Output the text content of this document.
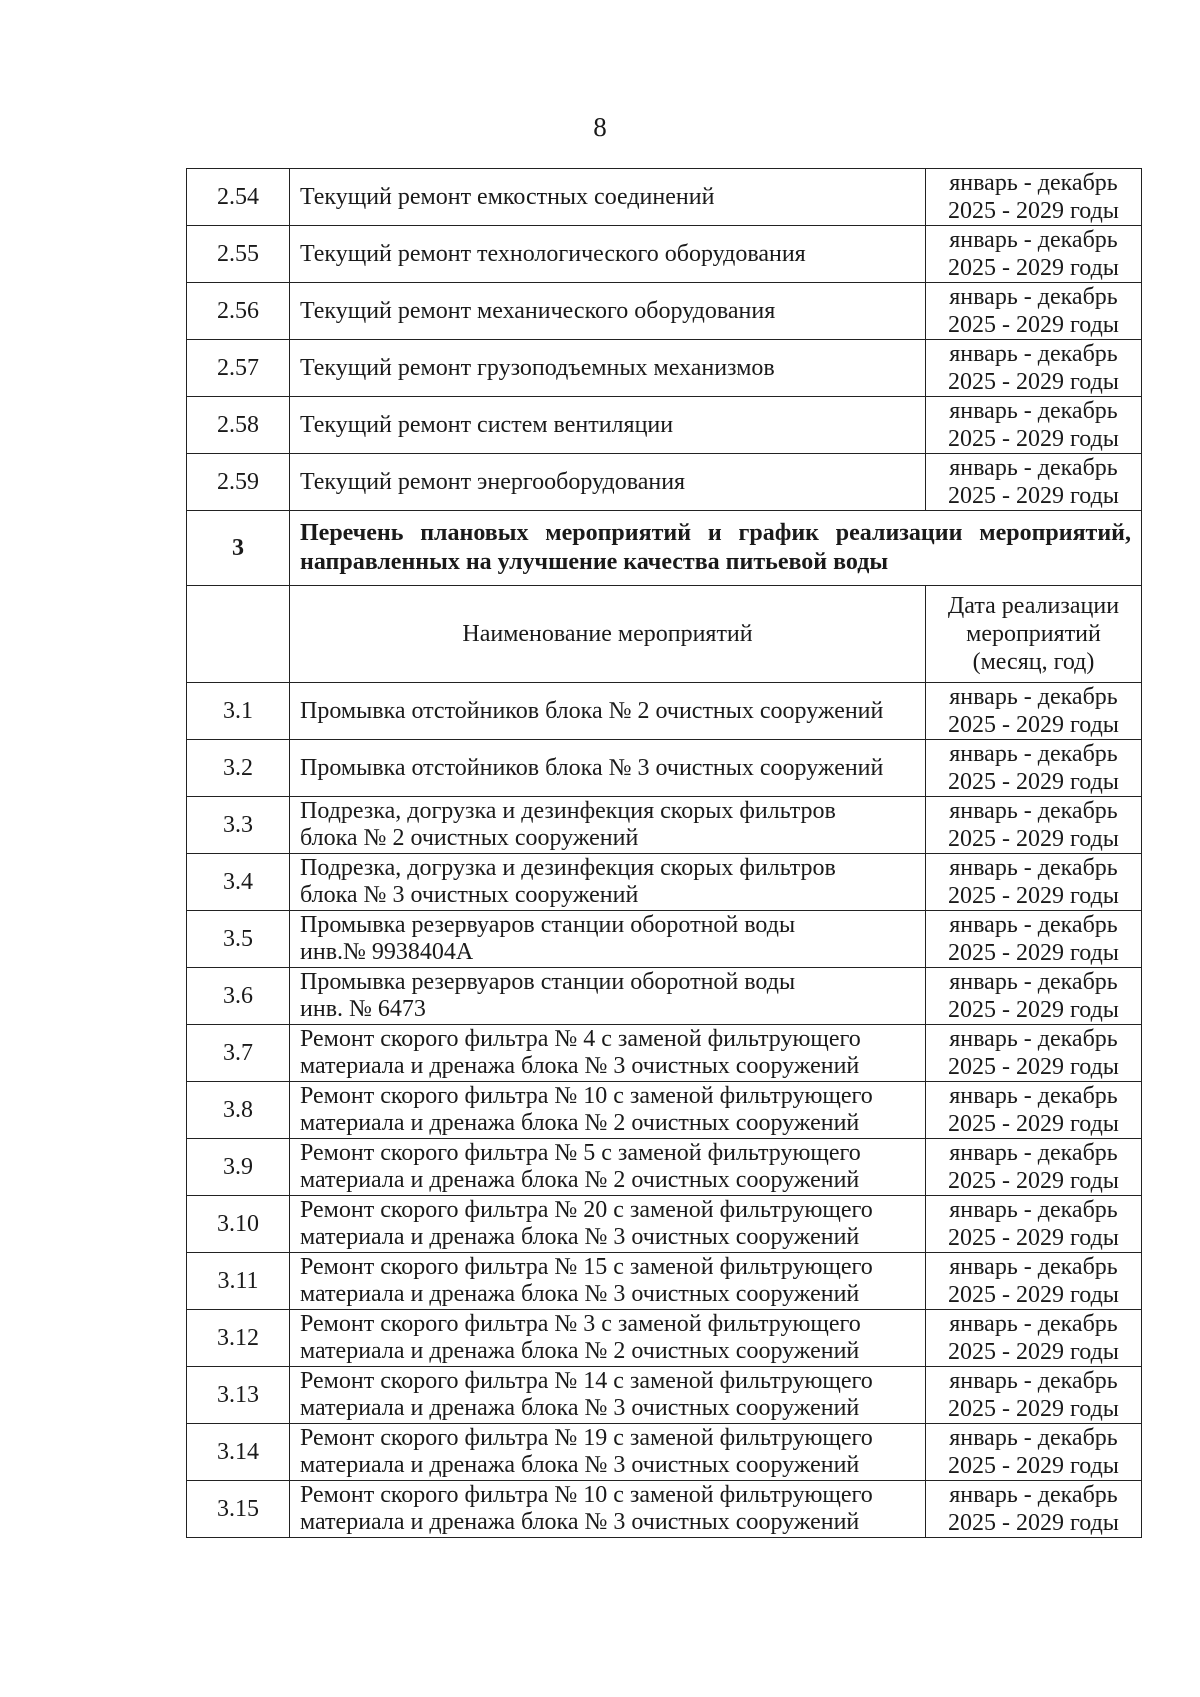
8
2.54	Текущий ремонт емкостных соединений	январь - декабрь
2025 - 2029 годы

2.55	Текущий ремонт технологического оборудования	январь - декабрь
2025 - 2029 годы

2.56	Текущий ремонт механического оборудования	январь - декабрь
2025 - 2029 годы

2.57	Текущий ремонт грузоподъемных механизмов	январь - декабрь
2025 - 2029 годы

2.58	Текущий ремонт систем вентиляции	январь - декабрь
2025 - 2029 годы

2.59	Текущий ремонт энергооборудования	январь - декабрь
2025 - 2029 годы

3	Перечень плановых мероприятий и график реализации мероприятий, направленных на улучшение качества питьевой воды	
	Наименование мероприятий	Дата реализации
мероприятий
(месяц, год)

3.1	Промывка отстойников блока № 2 очистных сооружений	январь - декабрь
2025 - 2029 годы

3.2	Промывка отстойников блока № 3 очистных сооружений	январь - декабрь
2025 - 2029 годы

3.3	Подрезка, догрузка и дезинфекция скорых фильтров
блока № 2 очистных сооружений	январь - декабрь
2025 - 2029 годы

3.4	Подрезка, догрузка и дезинфекция скорых фильтров
блока № 3 очистных сооружений	январь - декабрь
2025 - 2029 годы

3.5	Промывка резервуаров станции оборотной воды
инв.№ 9938404А	январь - декабрь
2025 - 2029 годы

3.6	Промывка резервуаров станции оборотной воды
инв. № 6473	январь - декабрь
2025 - 2029 годы

3.7	Ремонт скорого фильтра № 4 с заменой фильтрующего
материала и дренажа блока № 3 очистных сооружений	январь - декабрь
2025 - 2029 годы

3.8	Ремонт скорого фильтра № 10 с заменой фильтрующего
материала и дренажа блока № 2 очистных сооружений	январь - декабрь
2025 - 2029 годы

3.9	Ремонт скорого фильтра № 5 с заменой фильтрующего
материала и дренажа блока № 2 очистных сооружений	январь - декабрь
2025 - 2029 годы

3.10	Ремонт скорого фильтра № 20 с заменой фильтрующего
материала и дренажа блока № 3 очистных сооружений	январь - декабрь
2025 - 2029 годы

3.11	Ремонт скорого фильтра № 15 с заменой фильтрующего
материала и дренажа блока № 3 очистных сооружений	январь - декабрь
2025 - 2029 годы

3.12	Ремонт скорого фильтра № 3 с заменой фильтрующего
материала и дренажа блока № 2 очистных сооружений	январь - декабрь
2025 - 2029 годы

3.13	Ремонт скорого фильтра № 14 с заменой фильтрующего
материала и дренажа блока № 3 очистных сооружений	январь - декабрь
2025 - 2029 годы

3.14	Ремонт скорого фильтра № 19 с заменой фильтрующего
материала и дренажа блока № 3 очистных сооружений	январь - декабрь
2025 - 2029 годы

3.15	Ремонт скорого фильтра № 10 с заменой фильтрующего
материала и дренажа блока № 3 очистных сооружений	январь - декабрь
2025 - 2029 годы
